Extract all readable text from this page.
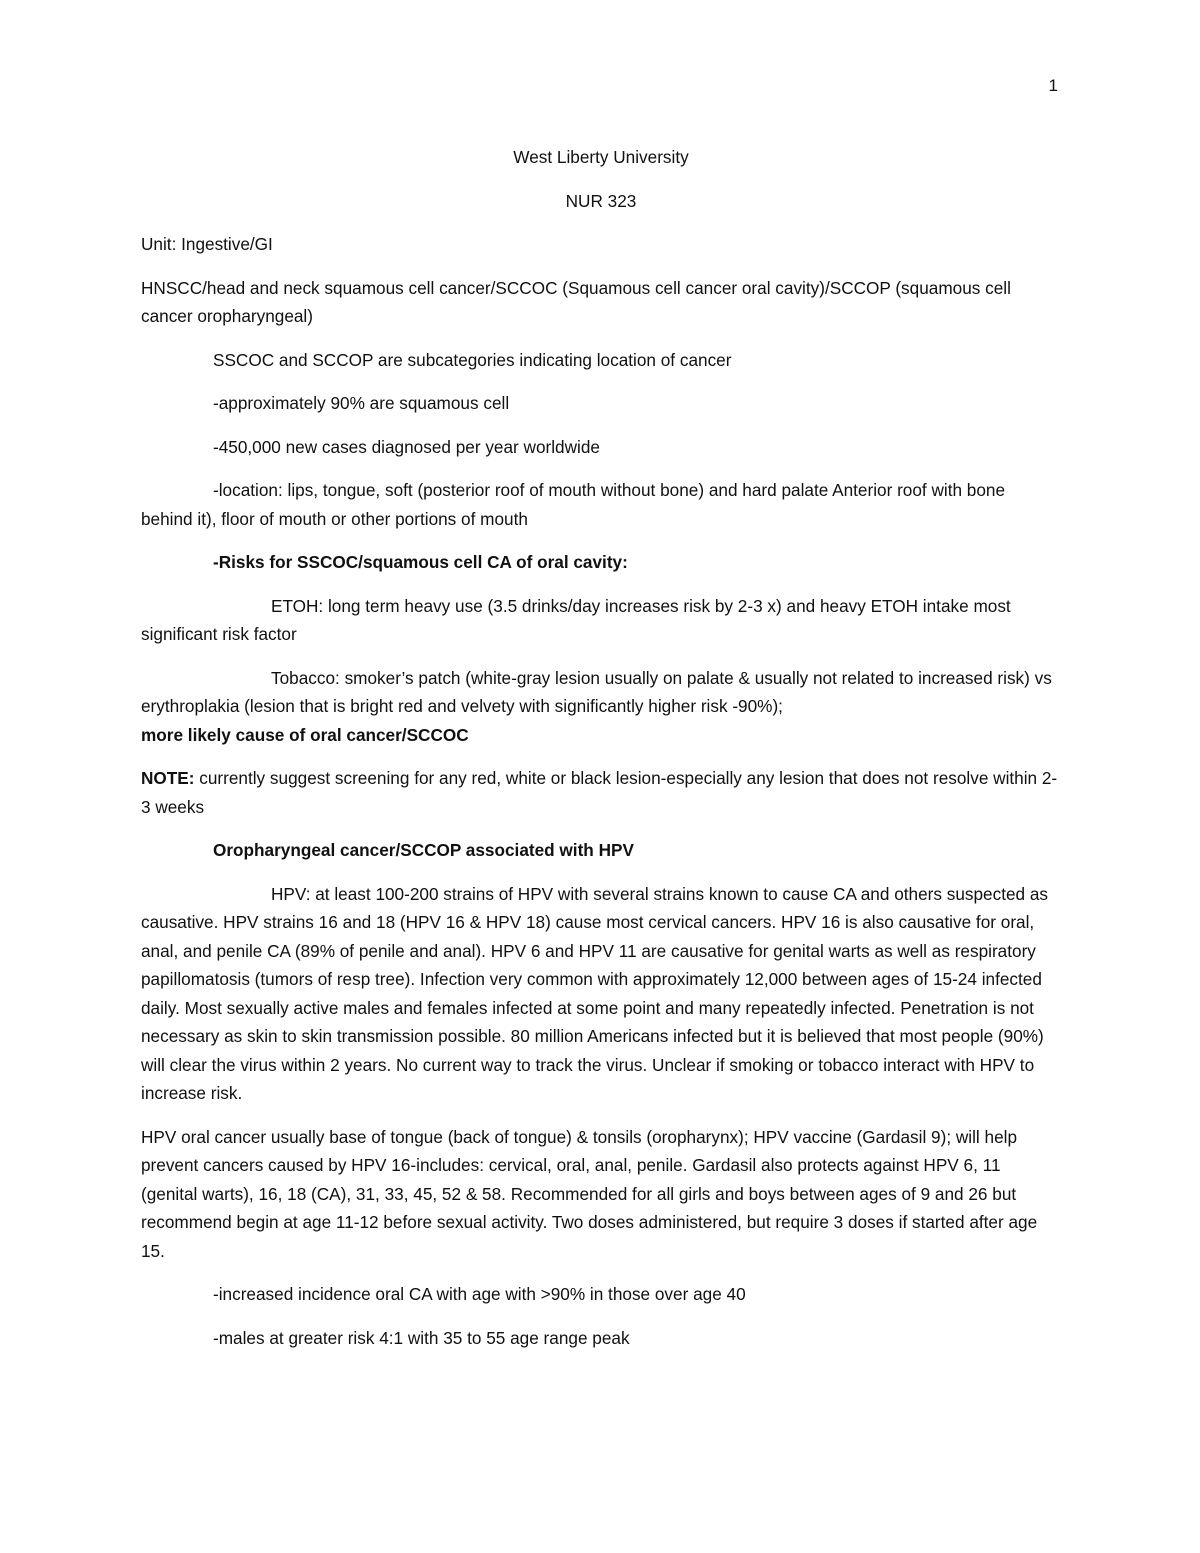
1

West Liberty University

NUR 323

Unit: Ingestive/GI

HNSCC/head and neck squamous cell cancer/SCCOC (Squamous cell cancer oral cavity)/SCCOP (squamous cell cancer oropharyngeal)

SSCOC and SCCOP are subcategories indicating location of cancer

-approximately 90% are squamous cell

-450,000 new cases diagnosed per year worldwide

-location: lips, tongue, soft (posterior roof of mouth without bone) and hard palate Anterior roof with bone behind it), floor of mouth or other portions of mouth

-Risks for SSCOC/squamous cell CA of oral cavity:

ETOH: long term heavy use (3.5 drinks/day increases risk by 2-3 x) and heavy ETOH intake most significant risk factor

Tobacco: smoker’s patch (white-gray lesion usually on palate & usually not related to increased risk) vs erythroplakia (lesion that is bright red and velvety with significantly higher risk -90%);
more likely cause of oral cancer/SCCOC

NOTE: currently suggest screening for any red, white or black lesion-especially any lesion that does not resolve within 2-3 weeks

Oropharyngeal cancer/SCCOP associated with HPV

HPV: at least 100-200 strains of HPV with several strains known to cause CA and others suspected as causative. HPV strains 16 and 18 (HPV 16 & HPV 18) cause most cervical cancers. HPV 16 is also causative for oral, anal, and penile CA (89% of penile and anal). HPV 6 and HPV 11 are causative for genital warts as well as respiratory papillomatosis (tumors of resp tree). Infection very common with approximately 12,000 between ages of 15-24 infected daily. Most sexually active males and females infected at some point and many repeatedly infected. Penetration is not necessary as skin to skin transmission possible. 80 million Americans infected but it is believed that most people (90%) will clear the virus within 2 years. No current way to track the virus. Unclear if smoking or tobacco interact with HPV to increase risk.

HPV oral cancer usually base of tongue (back of tongue) & tonsils (oropharynx); HPV vaccine (Gardasil 9); will help prevent cancers caused by HPV 16-includes: cervical, oral, anal, penile. Gardasil also protects against HPV 6, 11 (genital warts), 16, 18 (CA), 31, 33, 45, 52 & 58. Recommended for all girls and boys between ages of 9 and 26 but recommend begin at age 11-12 before sexual activity. Two doses administered, but require 3 doses if started after age 15.

-increased incidence oral CA with age with >90% in those over age 40

-males at greater risk 4:1 with 35 to 55 age range peak
